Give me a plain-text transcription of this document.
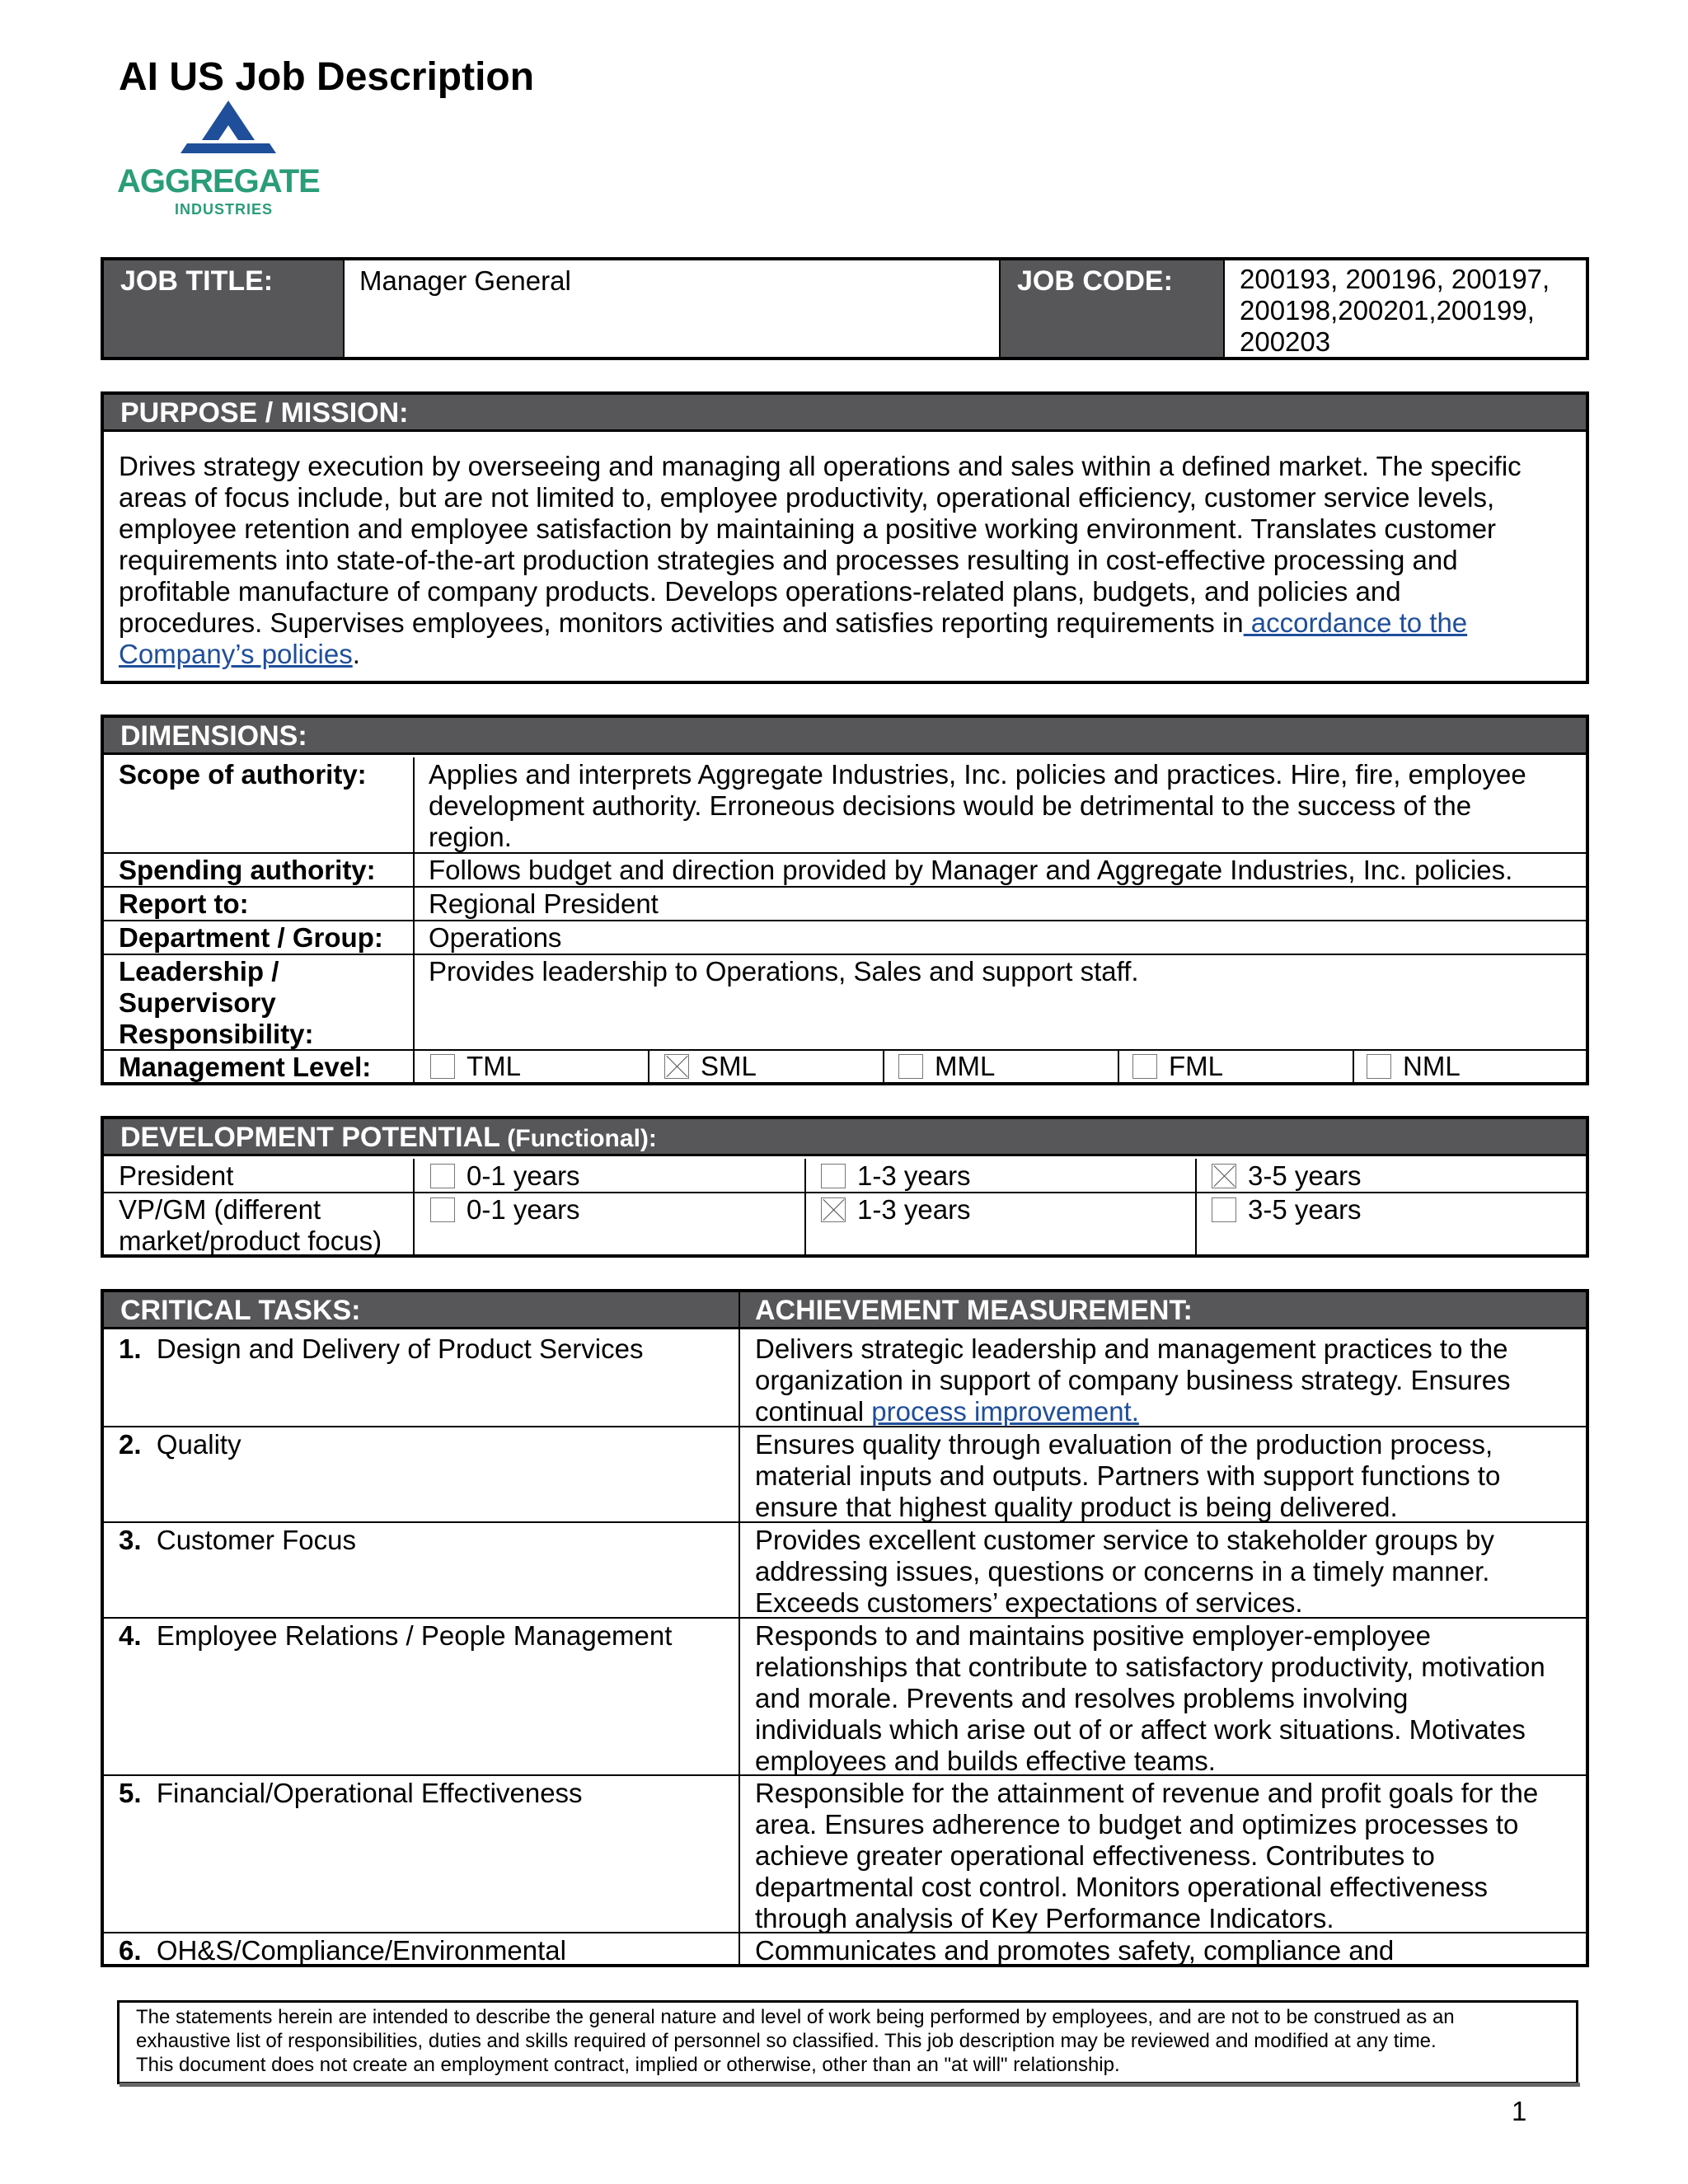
AI US Job Description
AGGREGATE
INDUSTRIES
JOB TITLE:	Manager General	JOB CODE:	200193, 200196, 200197,
200198,200201,200199,
200203
PURPOSE / MISSION:
Drives strategy execution by overseeing and managing all operations and sales within a defined market. The specific
areas of focus include, but are not limited to, employee productivity, operational efficiency, customer service levels,
employee retention and employee satisfaction by maintaining a positive working environment. Translates customer
requirements into state-of-the-art production strategies and processes resulting in cost-effective processing and
profitable manufacture of company products. Develops operations-related plans, budgets, and policies and
procedures. Supervises employees, monitors activities and satisfies reporting requirements in accordance to the
Company’s policies.
DIMENSIONS:
Scope of authority: Applies and interprets Aggregate Industries, Inc. policies and practices. Hire, fire, employee
development authority. Erroneous decisions would be detrimental to the success of the
region.
Spending authority: Follows budget and direction provided by Manager and Aggregate Industries, Inc. policies.
Report to:	Regional President
Department / Group: Operations
Leadership /
Supervisory
Responsibility:
Provides leadership to Operations, Sales and support staff.
Management Level:	TML	SML	MML	FML	NML
DEVELOPMENT POTENTIAL (Functional):
President	0-1 years	1-3 years	3-5 years
VP/GM (different
market/product focus)
0-1 years	1-3 years	3-5 years
CRITICAL TASKS:	ACHIEVEMENT MEASUREMENT:
1. Design and Delivery of Product Services	Delivers strategic leadership and management practices to the
organization in support of company business strategy. Ensures
continual process improvement.
2. Quality	Ensures quality through evaluation of the production process,
material inputs and outputs. Partners with support functions to
ensure that highest quality product is being delivered.
3. Customer Focus	Provides excellent customer service to stakeholder groups by
addressing issues, questions or concerns in a timely manner.
Exceeds customers’ expectations of services.
4. Employee Relations / People Management	Responds to and maintains positive employer-employee
relationships that contribute to satisfactory productivity, motivation
and morale. Prevents and resolves problems involving
individuals which arise out of or affect work situations. Motivates
employees and builds effective teams.
5. Financial/Operational Effectiveness	Responsible for the attainment of revenue and profit goals for the
area. Ensures adherence to budget and optimizes processes to
achieve greater operational effectiveness. Contributes to
departmental cost control. Monitors operational effectiveness
through analysis of Key Performance Indicators.
6. OH&S/Compliance/Environmental	Communicates and promotes safety, compliance and
The statements herein are intended to describe the general nature and level of work being performed by employees, and are not to be construed as an
exhaustive list of responsibilities, duties and skills required of personnel so classified. This job description may be reviewed and modified at any time.
This document does not create an employment contract, implied or otherwise, other than an "at will" relationship.
1
